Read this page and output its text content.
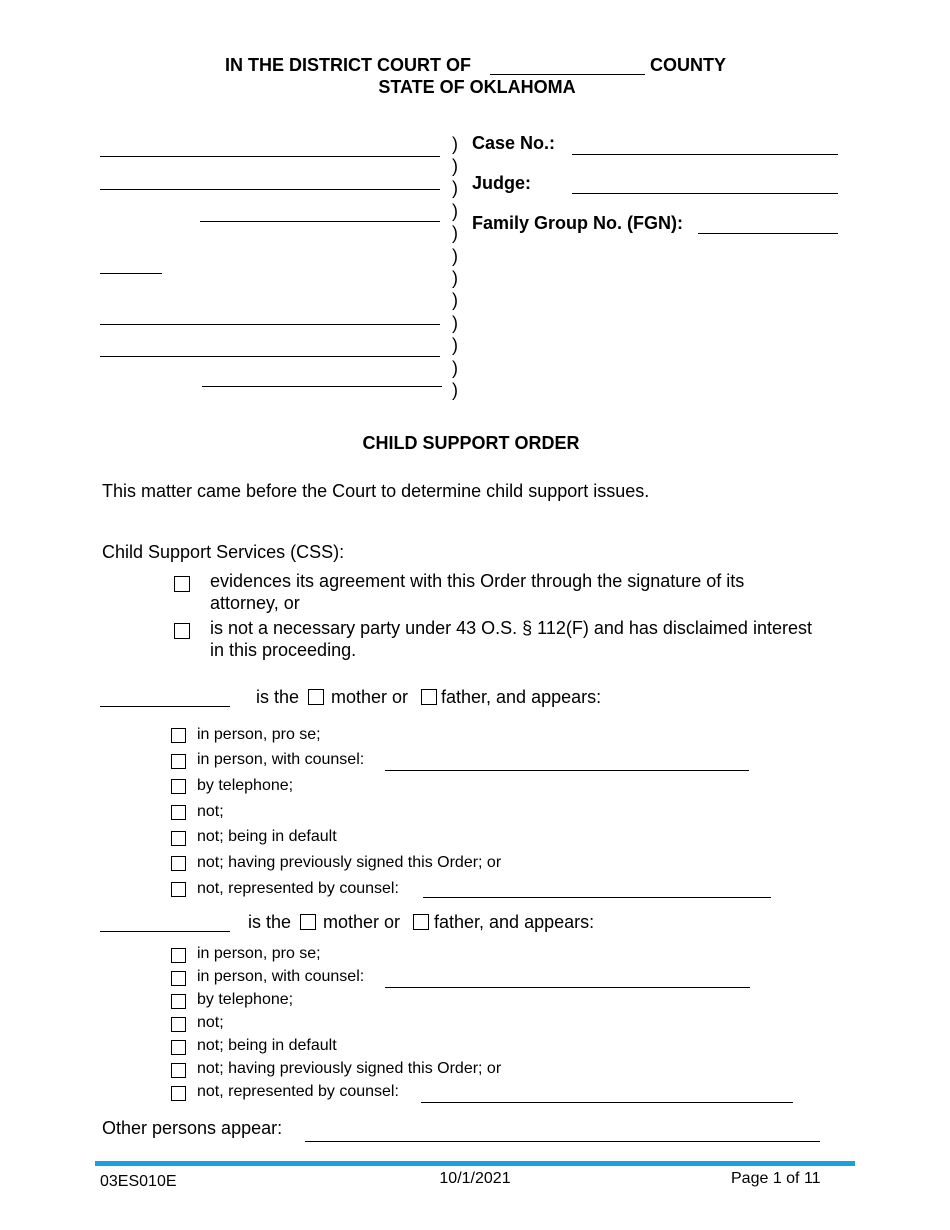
IN THE DISTRICT COURT OF	COUNTY
STATE OF OKLAHOMA
)
)
)
)
)
)
)
)
)
)
)
)
Case No.:
Judge:
Family Group No. (FGN):
CHILD SUPPORT ORDER
This matter came before the Court to determine child support issues.
Child Support Services (CSS):
evidences its agreement with this Order through the signature of its
attorney, or
is not a necessary party under 43 O.S. § 112(F) and has disclaimed interest
in this proceeding.
is the mother or father, and appears:
in person, pro se;
in person, with counsel:
by telephone;
not;
not; being in default
not; having previously signed this Order; or
not, represented by counsel:
is the mother or father, and appears:
in person, pro se;
in person, with counsel:
by telephone;
not;
not; being in default
not; having previously signed this Order; or
not, represented by counsel:
Other persons appear:
03ES010E	10/1/2021	Page 1 of 11
